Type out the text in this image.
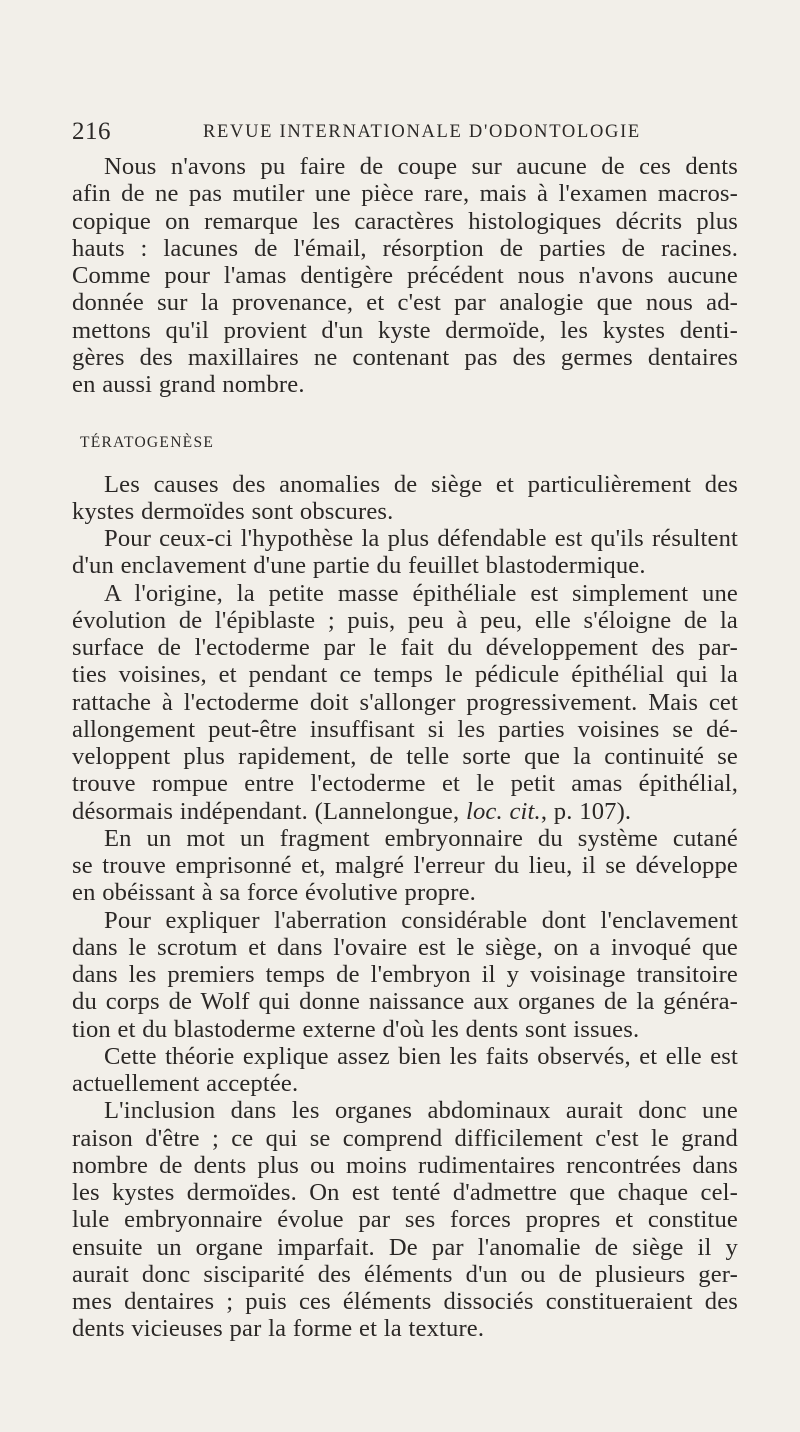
216	REVUE INTERNATIONALE D'ODONTOLOGIE
Nous n'avons pu faire de coupe sur aucune de ces dents
afin de ne pas mutiler une pièce rare, mais à l'examen macros-
copique on remarque les caractères histologiques décrits plus
hauts : lacunes de l'émail, résorption de parties de racines.
Comme pour l'amas dentigère précédent nous n'avons aucune
donnée sur la provenance, et c'est par analogie que nous ad-
mettons qu'il provient d'un kyste dermoïde, les kystes denti-
gères des maxillaires ne contenant pas des germes dentaires
en aussi grand nombre.
TÉRATOGENÈSE
Les causes des anomalies de siège et particulièrement des
kystes dermoïdes sont obscures.
Pour ceux-ci l'hypothèse la plus défendable est qu'ils résultent
d'un enclavement d'une partie du feuillet blastodermique.
A l'origine, la petite masse épithéliale est simplement une
évolution de l'épiblaste ; puis, peu à peu, elle s'éloigne de la
surface de l'ectoderme par le fait du développement des par-
ties voisines, et pendant ce temps le pédicule épithélial qui la
rattache à l'ectoderme doit s'allonger progressivement. Mais cet
allongement peut-être insuffisant si les parties voisines se dé-
veloppent plus rapidement, de telle sorte que la continuité se
trouve rompue entre l'ectoderme et le petit amas épithélial,
désormais indépendant. (Lannelongue, loc. cit., p. 107).
En un mot un fragment embryonnaire du système cutané
se trouve emprisonné et, malgré l'erreur du lieu, il se développe
en obéissant à sa force évolutive propre.
Pour expliquer l'aberration considérable dont l'enclavement
dans le scrotum et dans l'ovaire est le siège, on a invoqué que
dans les premiers temps de l'embryon il y voisinage transitoire
du corps de Wolf qui donne naissance aux organes de la généra-
tion et du blastoderme externe d'où les dents sont issues.
Cette théorie explique assez bien les faits observés, et elle est
actuellement acceptée.
L'inclusion dans les organes abdominaux aurait donc une
raison d'être ; ce qui se comprend difficilement c'est le grand
nombre de dents plus ou moins rudimentaires rencontrées dans
les kystes dermoïdes. On est tenté d'admettre que chaque cel-
lule embryonnaire évolue par ses forces propres et constitue
ensuite un organe imparfait. De par l'anomalie de siège il y
aurait donc sisciparité des éléments d'un ou de plusieurs ger-
mes dentaires ; puis ces éléments dissociés constitueraient des
dents vicieuses par la forme et la texture.
